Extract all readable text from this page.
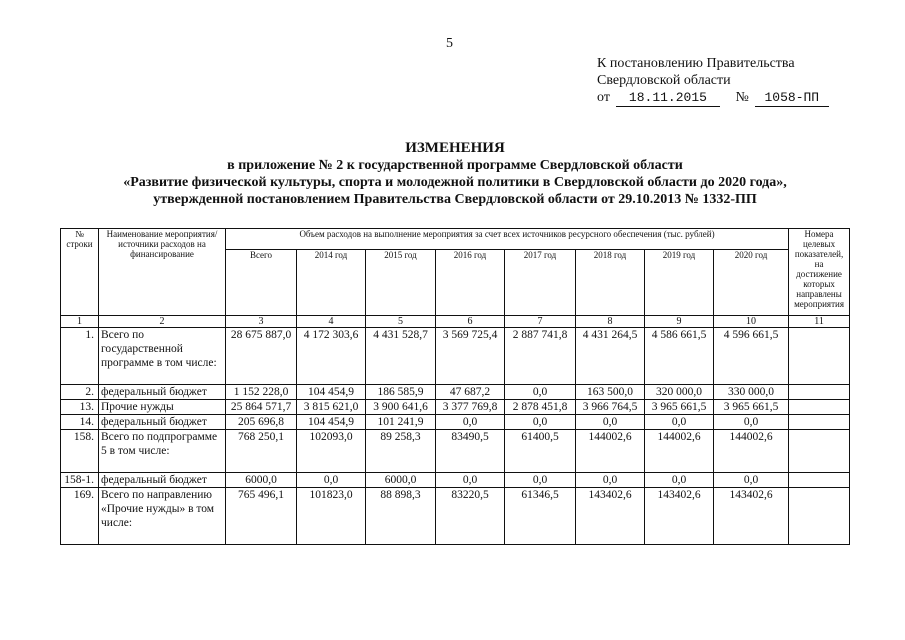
5
К постановлению Правительства
Свердловской области
от 18.11.2015 № 1058-ПП
ИЗМЕНЕНИЯ
в приложение № 2 к государственной программе Свердловской области
«Развитие физической культуры, спорта и молодежной политики в Свердловской области до 2020 года»,
утвержденной постановлением Правительства Свердловской области от 29.10.2013 № 1332-ПП
№ строки	Наименование мероприятия/ источники расходов на финансирование	Объем расходов на выполнение мероприятия за счет всех источников ресурсного обеспечения (тыс. рублей)								Номера целевых показателей, на достижение которых направлены мероприятия
		Всего	2014 год	2015 год	2016 год	2017 год	2018 год	2019 год	2020 год	
1	2	3	4	5	6	7	8	9	10	11
1.	Всего по государственной программе в том числе:	28 675 887,0	4 172 303,6	4 431 528,7	3 569 725,4	2 887 741,8	4 431 264,5	4 586 661,5	4 596 661,5	
2.	федеральный бюджет	1 152 228,0	104 454,9	186 585,9	47 687,2	0,0	163 500,0	320 000,0	330 000,0	
13.	Прочие нужды	25 864 571,7	3 815 621,0	3 900 641,6	3 377 769,8	2 878 451,8	3 966 764,5	3 965 661,5	3 965 661,5	
14.	федеральный бюджет	205 696,8	104 454,9	101 241,9	0,0	0,0	0,0	0,0	0,0	
158.	Всего по подпрограмме 5 в том числе:	768 250,1	102093,0	89 258,3	83490,5	61400,5	144002,6	144002,6	144002,6	
158-1.	федеральный бюджет	6000,0	0,0	6000,0	0,0	0,0	0,0	0,0	0,0	
169.	Всего по направлению «Прочие нужды» в том числе:	765 496,1	101823,0	88 898,3	83220,5	61346,5	143402,6	143402,6	143402,6	
